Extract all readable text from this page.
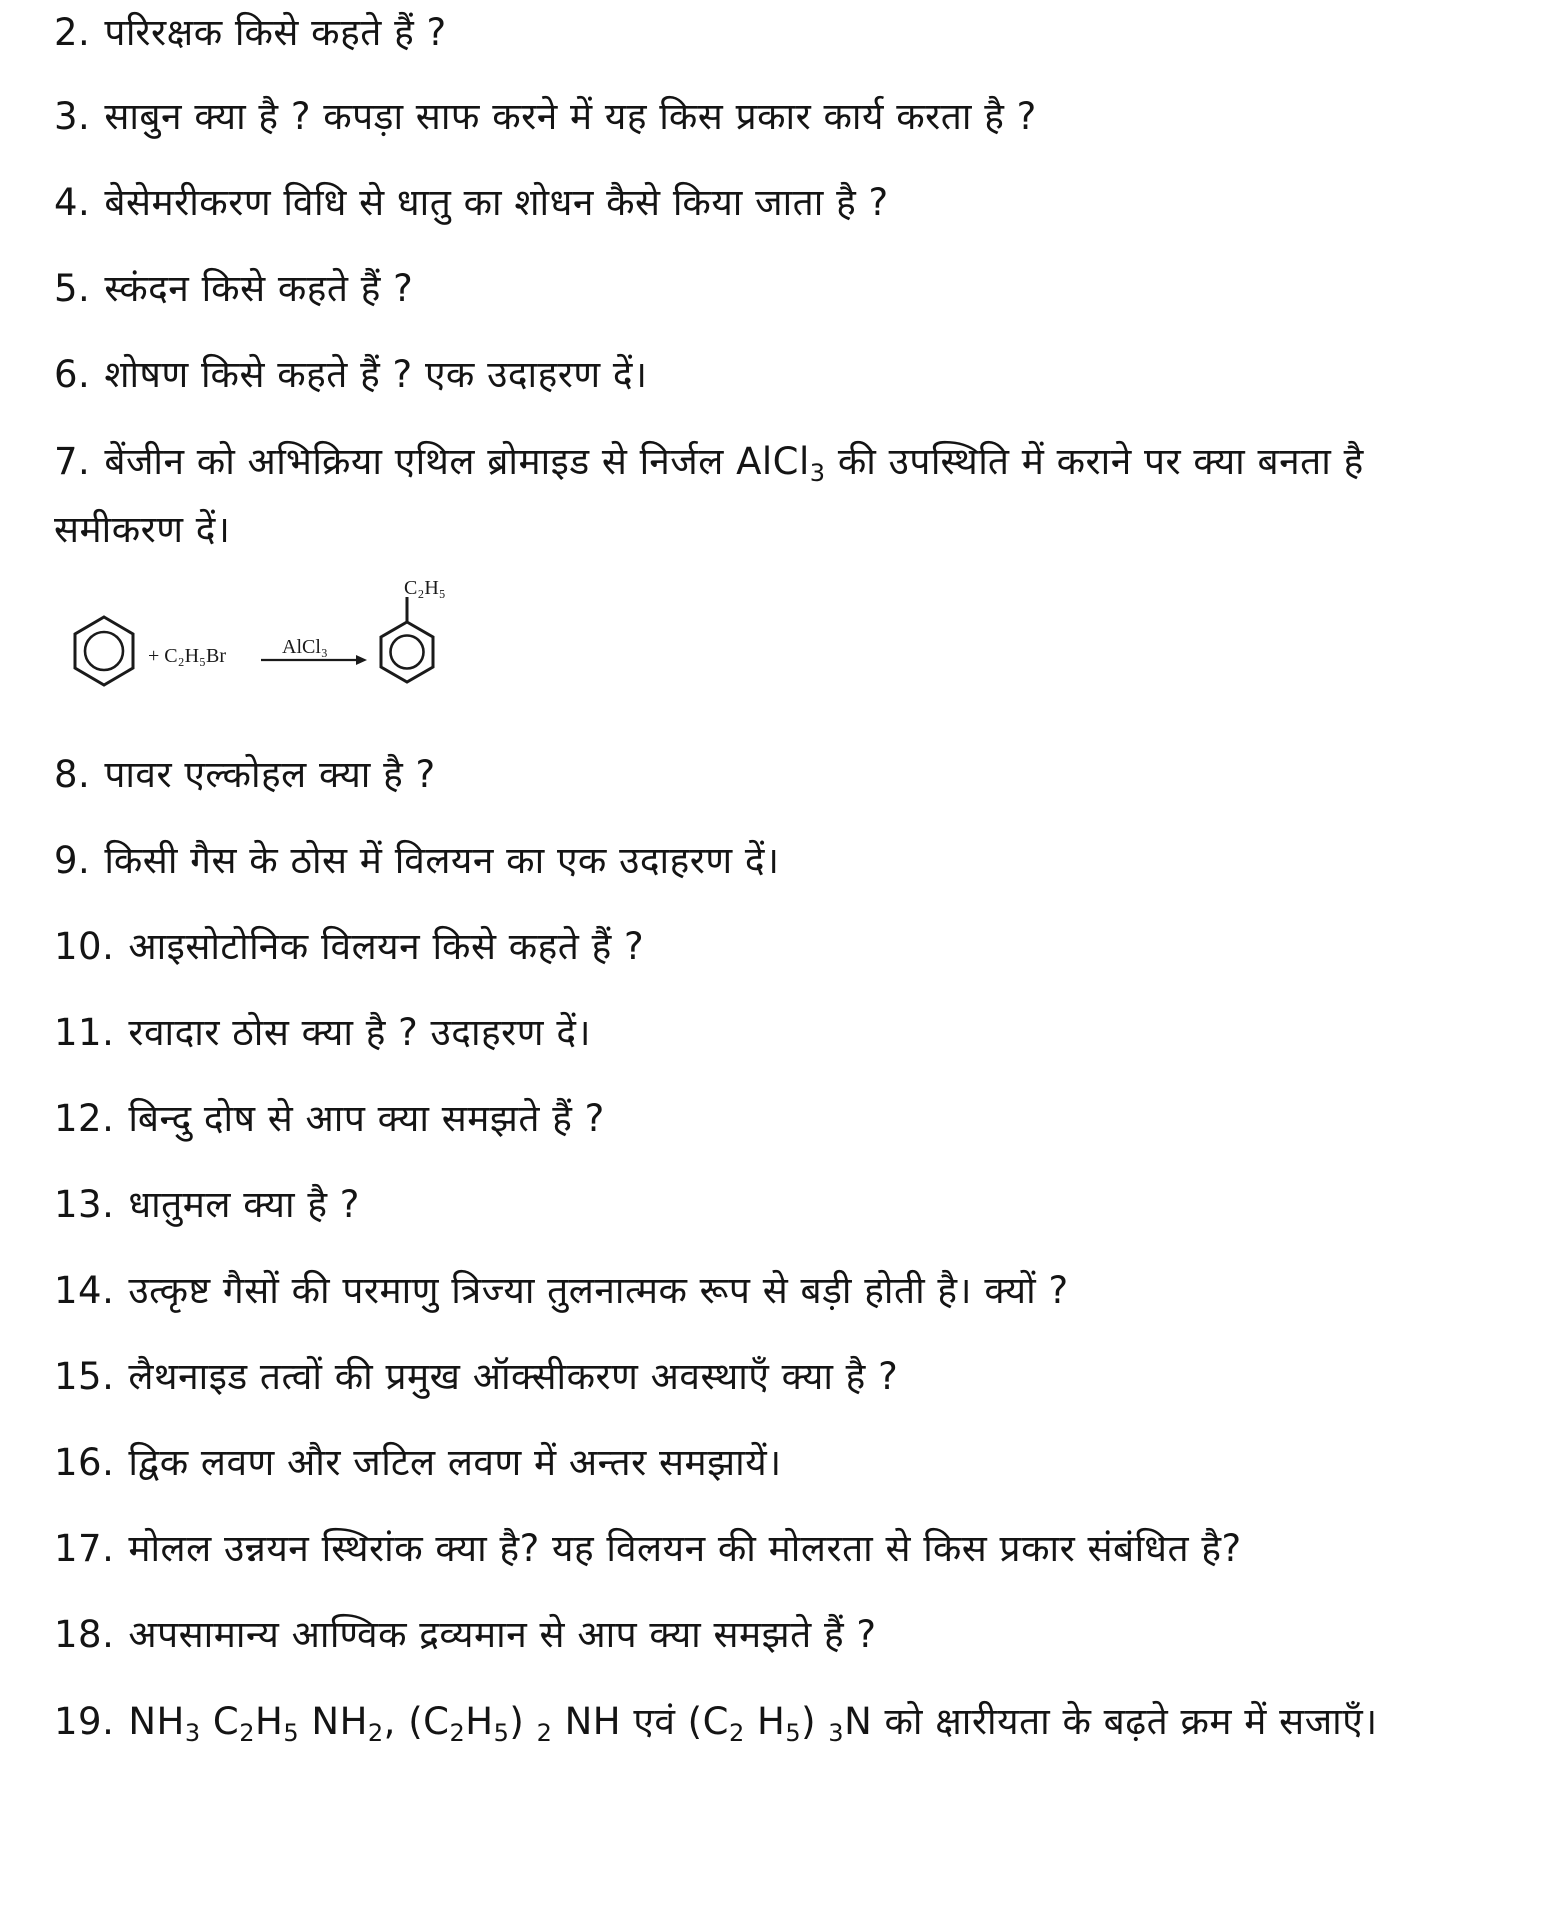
2. परिरक्षक किसे कहते हैं ?
3. साबुन क्या है ? कपड़ा साफ करने में यह किस प्रकार कार्य करता है ?
4. बेसेमरीकरण विधि से धातु का शोधन कैसे किया जाता है ?
5. स्कंदन किसे कहते हैं ?
6. शोषण किसे कहते हैं ? एक उदाहरण दें।
7. बेंजीन को अभिक्रिया एथिल ब्रोमाइड से निर्जल AlCl$_3$ की उपस्थिति में कराने पर क्या बनता है समीकरण दें।
+ C₂H₅Br	AlCl₃
C₂H₅
8. पावर एल्कोहल क्या है ?
9. किसी गैस के ठोस में विलयन का एक उदाहरण दें।
10. आइसोटोनिक विलयन किसे कहते हैं ?
11. रवादार ठोस क्या है ? उदाहरण दें।
12. बिन्दु दोष से आप क्या समझते हैं ?
13. धातुमल क्या है ?
14. उत्कृष्ट गैसों की परमाणु त्रिज्या तुलनात्मक रूप से बड़ी होती है। क्यों ?
15. लैथनाइड तत्वों की प्रमुख ऑक्सीकरण अवस्थाएँ क्या है ?
16. द्विक लवण और जटिल लवण में अन्तर समझायें।
17. मोलल उन्नयन स्थिरांक क्या है? यह विलयन की मोलरता से किस प्रकार संबंधित है?
18. अपसामान्य आण्विक द्रव्यमान से आप क्या समझते हैं ?
19. $NH_3$ $C_2H_5$ $NH_2$, $(C_2H_5)$ $_2$ NH एवं ($C_2$ $H_5$) $_3$N को क्षारीयता के बढ़ते क्रम में सजाएँ।
